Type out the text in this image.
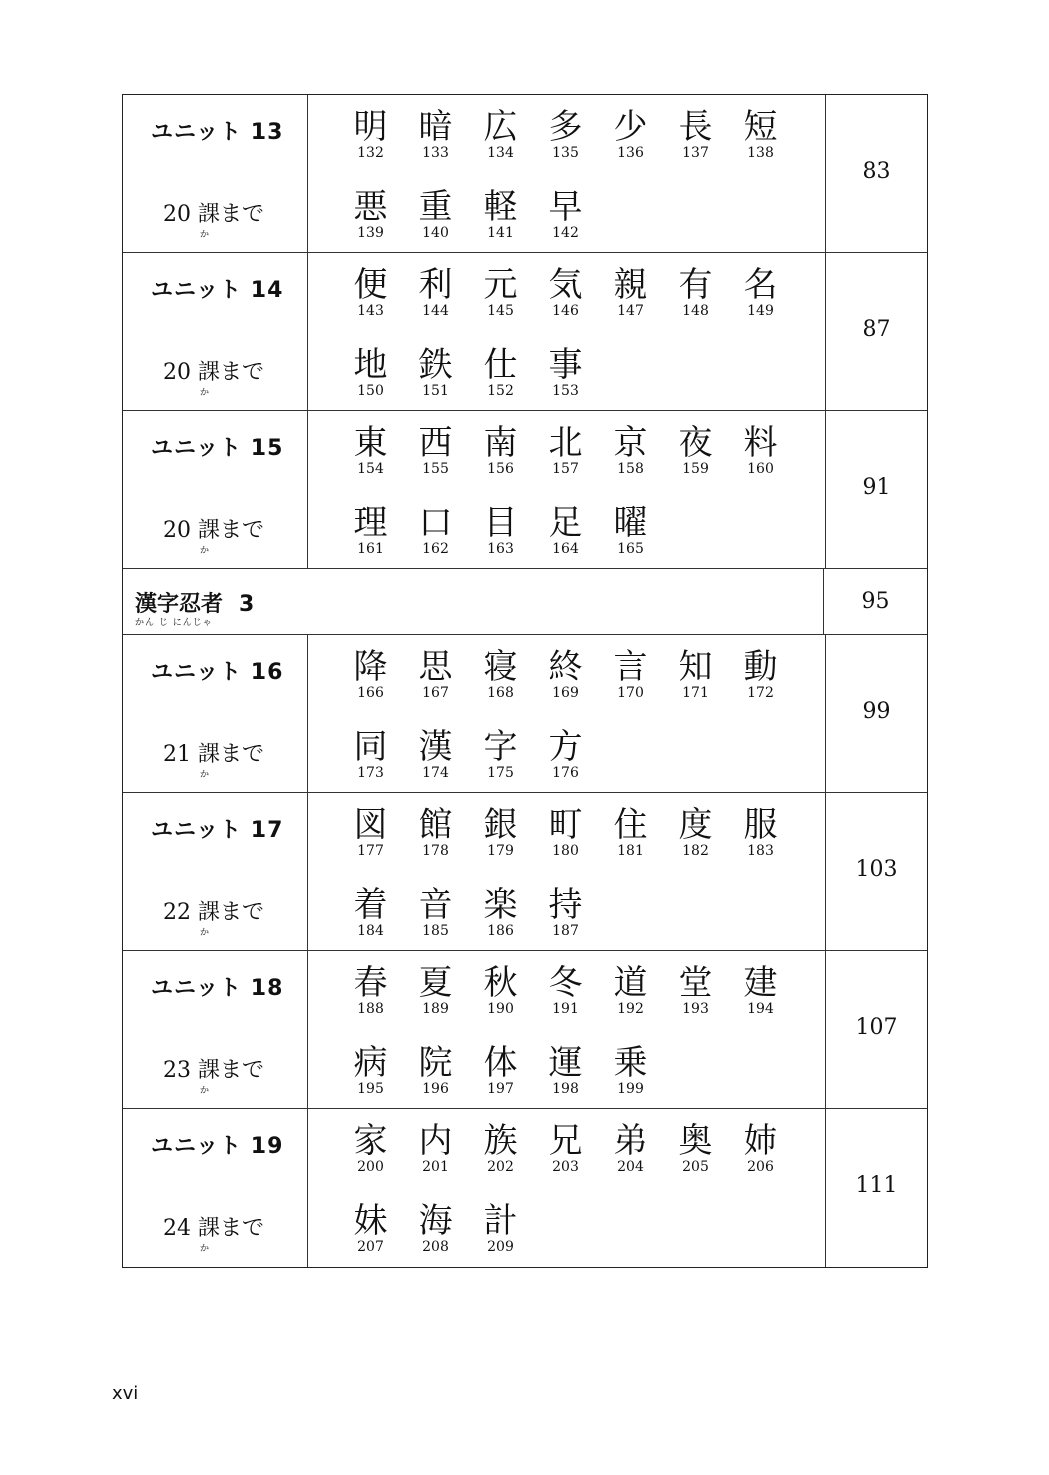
ユニット 13
20 課まで
か
明
132
暗
133
広
134
多
135
少
136
長
137
短
138
悪
139
重
140
軽
141
早
142
83
ユニット 14
20 課まで
か
便
143
利
144
元
145
気
146
親
147
有
148
名
149
地
150
鉄
151
仕
152
事
153
87
ユニット 15
20 課まで
か
東
154
西
155
南
156
北
157
京
158
夜
159
料
160
理
161
口
162
目
163
足
164
曜
165
91
漢字忍者 3
かん じ にんじゃ
95
ユニット 16
21 課まで
か
降
166
思
167
寝
168
終
169
言
170
知
171
動
172
同
173
漢
174
字
175
方
176
99
ユニット 17
22 課まで
か
図
177
館
178
銀
179
町
180
住
181
度
182
服
183
着
184
音
185
楽
186
持
187
103
ユニット 18
23 課まで
か
春
188
夏
189
秋
190
冬
191
道
192
堂
193
建
194
病
195
院
196
体
197
運
198
乗
199
107
ユニット 19
24 課まで
か
家
200
内
201
族
202
兄
203
弟
204
奥
205
姉
206
妹
207
海
208
計
209
111
xvi
